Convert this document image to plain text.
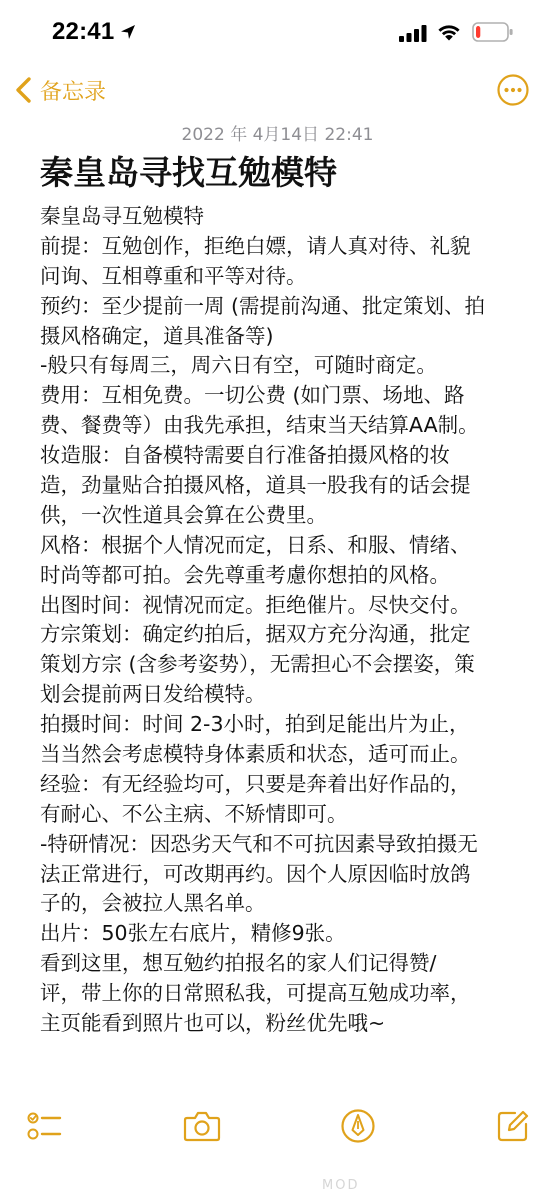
22:41
备忘录
2022 年 4月14日 22:41
秦皇岛寻找互勉模特
秦皇岛寻互勉模特
前提：互勉创作，拒绝白嫖，请人真对待、礼貌
问询、互相尊重和平等对待。
预约：至少提前一周 (需提前沟通、批定策划、拍
摄风格确定，道具准备等)
-般只有每周三，周六日有空，可随时商定。
费用：互相免费。一切公费 (如门票、场地、路
费、餐费等）由我先承担，结束当天结算AA制。
妆造服：自备模特需要自行准备拍摄风格的妆
造，劲量贴合拍摄风格，道具一股我有的话会提
供，一次性道具会算在公费里。
风格：根据个人情况而定，日系、和服、情绪、
时尚等都可拍。会先尊重考慮你想拍的风格。
出图时间：视情况而定。拒绝催片。尽快交付。
方宗策划：确定约拍后，据双方充分沟通，批定
策划方宗 (含参考姿势），无需担心不会摆姿，策
划会提前两日发给模特。
拍摄时间：时间 2-3小时，拍到足能出片为止，
当当然会考虑模特身体素质和状态，适可而止。
经验：有无经验均可，只要是奔着出好作品的，
有耐心、不公主病、不矫情即可。
-特研情况：因恐劣天气和不可抗因素导致拍摄无
法正常进行，可改期再约。因个人原因临时放鸽
子的，会被拉人黑名单。
出片：50张左右底片，精修9张。
看到这里，想互勉约拍报名的家人们记得赞/
评，带上你的日常照私我，可提高互勉成功率，
主页能看到照片也可以，粉丝优先哦~
MOD
